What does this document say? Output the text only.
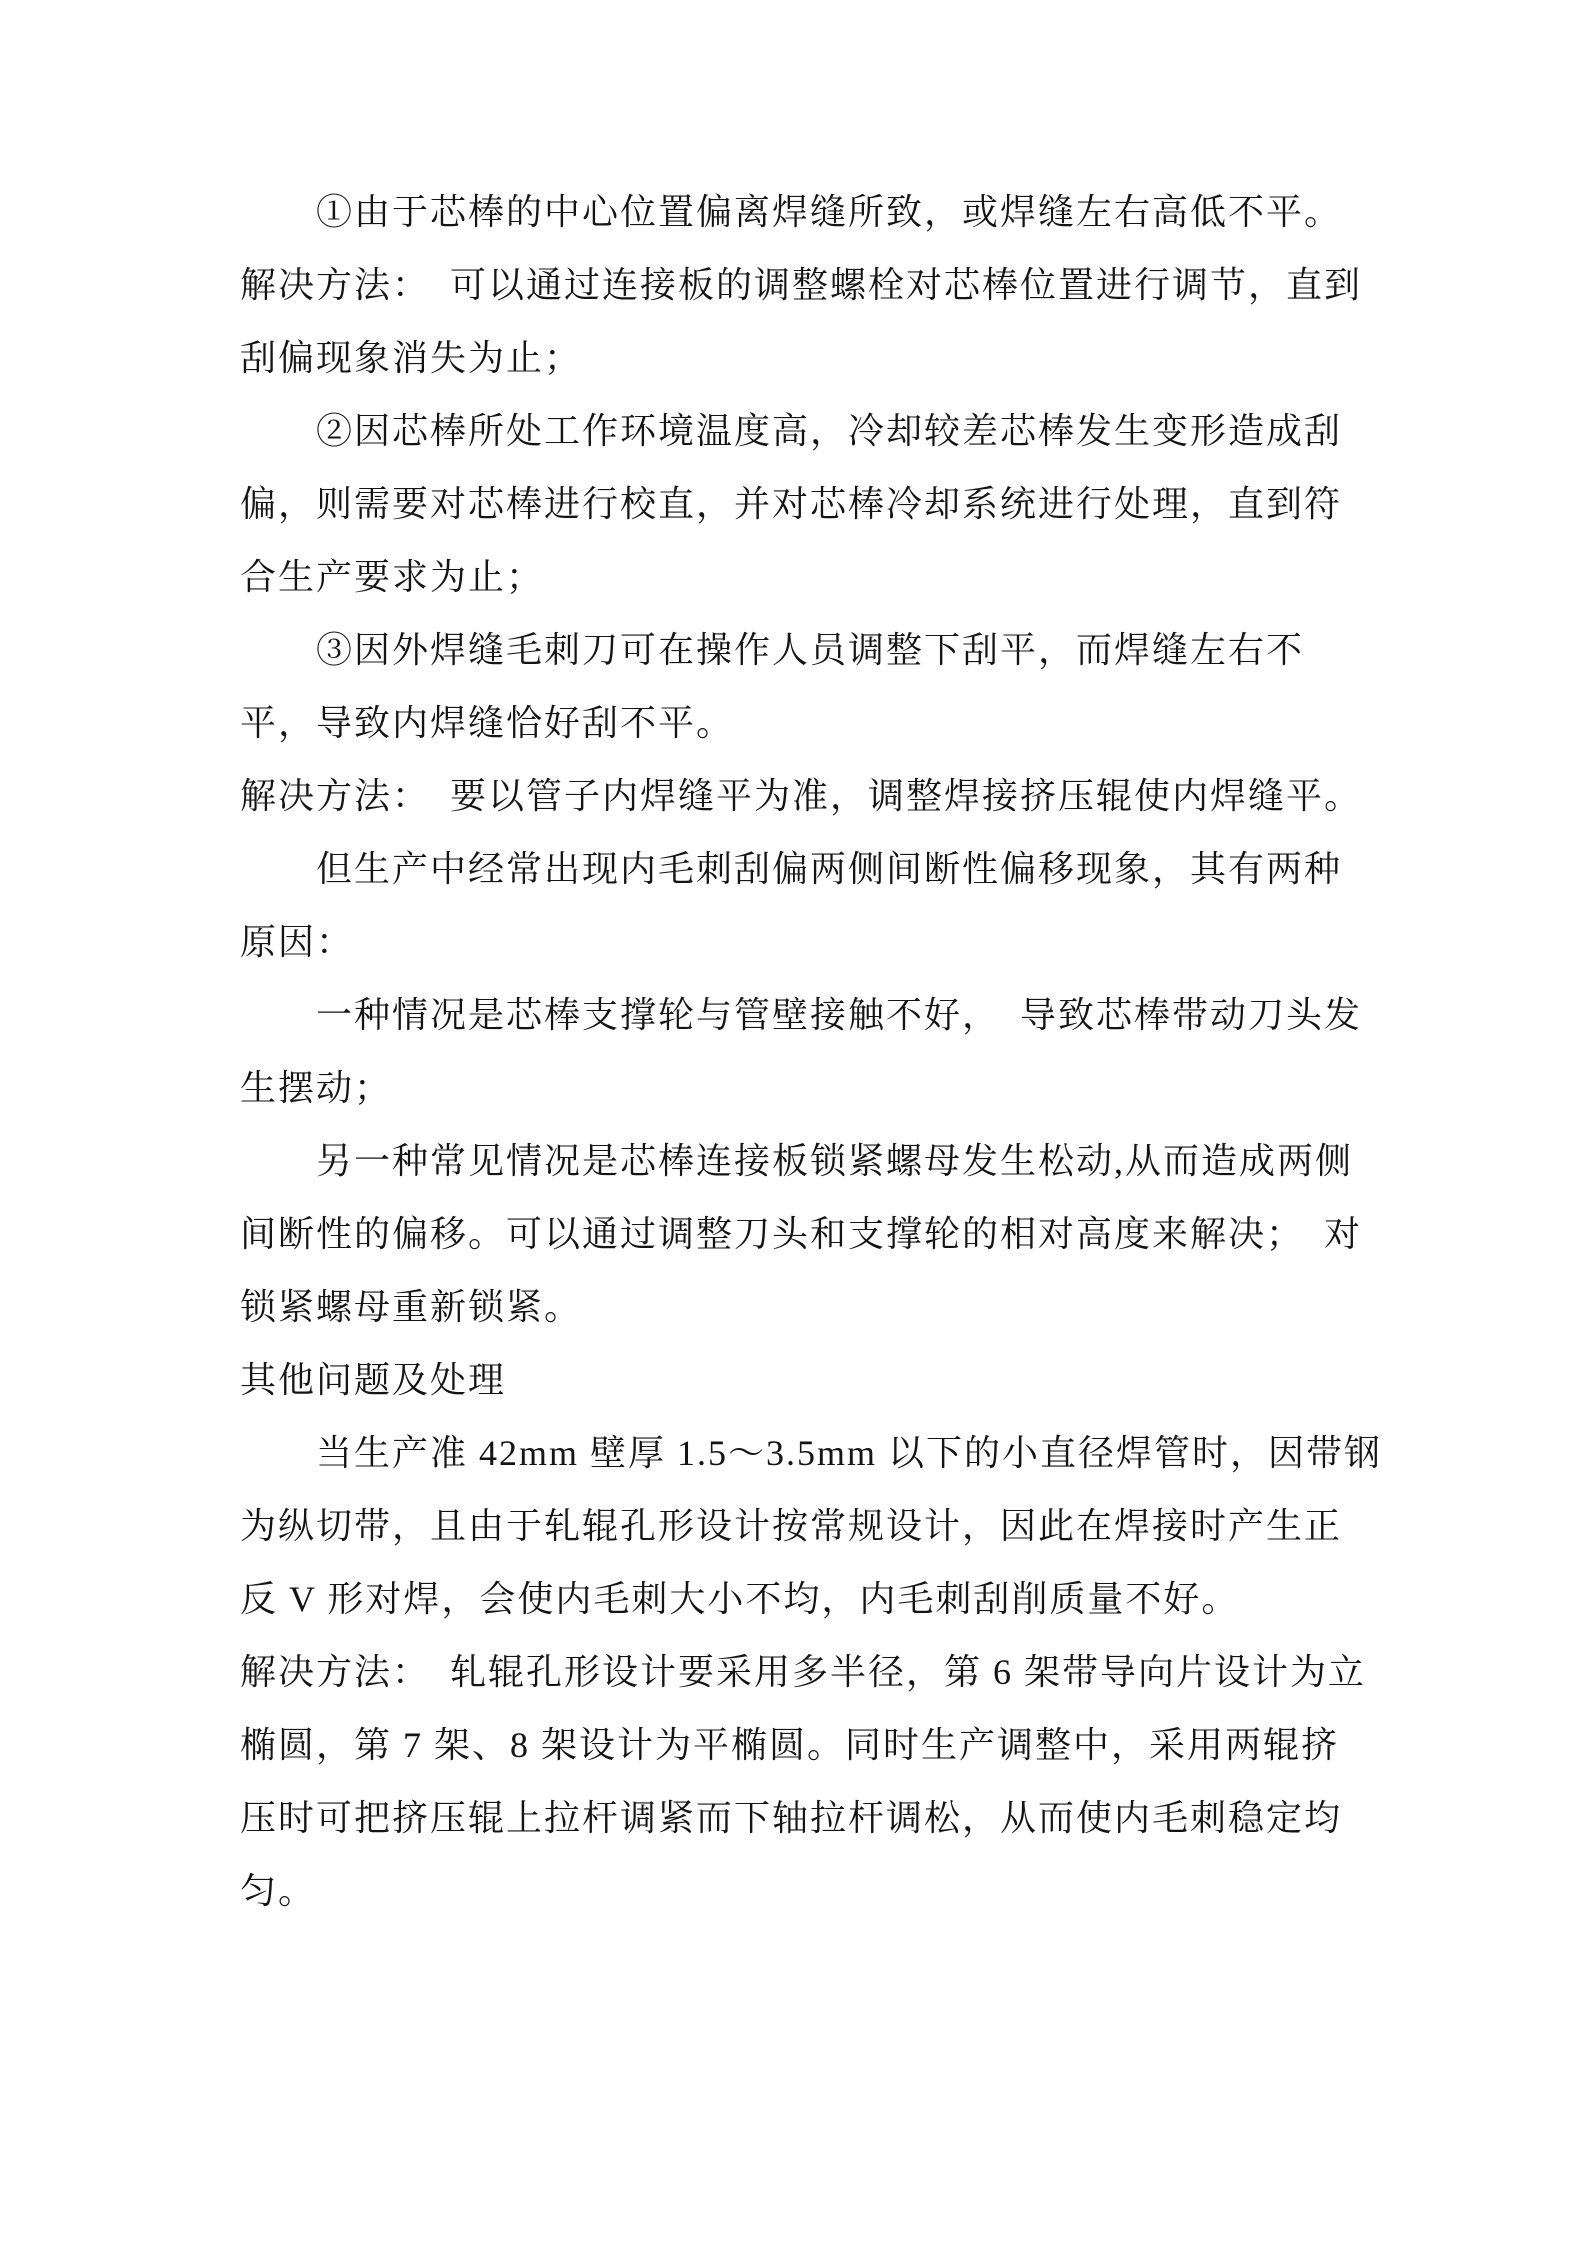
①由于芯棒的中心位置偏离焊缝所致，或焊缝左右高低不平。
解决方法：　可以通过连接板的调整螺栓对芯棒位置进行调节，直到
刮偏现象消失为止；
②因芯棒所处工作环境温度高，冷却较差芯棒发生变形造成刮
偏，则需要对芯棒进行校直，并对芯棒冷却系统进行处理，直到符
合生产要求为止；
③因外焊缝毛刺刀可在操作人员调整下刮平，而焊缝左右不
平，导致内焊缝恰好刮不平。
解决方法：　要以管子内焊缝平为准，调整焊接挤压辊使内焊缝平。
但生产中经常出现内毛刺刮偏两侧间断性偏移现象，其有两种
原因：
一种情况是芯棒支撑轮与管壁接触不好，　导致芯棒带动刀头发
生摆动；
另一种常见情况是芯棒连接板锁紧螺母发生松动,从而造成两侧
间断性的偏移。可以通过调整刀头和支撑轮的相对高度来解决；　对
锁紧螺母重新锁紧。
其他问题及处理
当生产准 42mm 壁厚 1.5～3.5mm 以下的小直径焊管时，因带钢
为纵切带，且由于轧辊孔形设计按常规设计，因此在焊接时产生正
反 V 形对焊，会使内毛刺大小不均，内毛刺刮削质量不好。
解决方法：　轧辊孔形设计要采用多半径，第 6 架带导向片设计为立
椭圆，第 7 架、8 架设计为平椭圆。同时生产调整中，采用两辊挤
压时可把挤压辊上拉杆调紧而下轴拉杆调松，从而使内毛刺稳定均
匀。
